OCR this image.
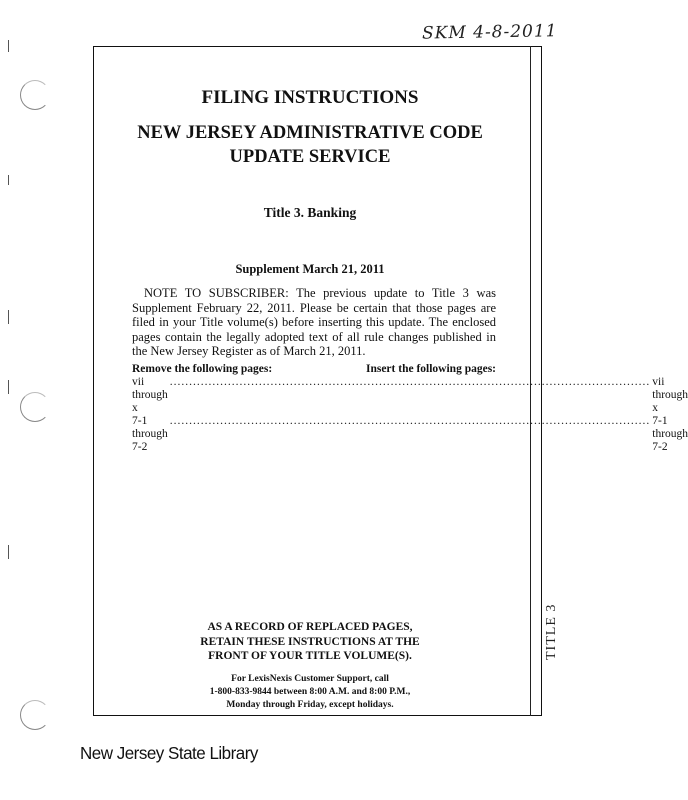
SKM 4-8-2011
TITLE 3
FILING INSTRUCTIONS
NEW JERSEY ADMINISTRATIVE CODE
UPDATE SERVICE
Title 3. Banking
Supplement March 21, 2011
NOTE TO SUBSCRIBER: The previous update to Title 3 was Supplement February 22, 2011. Please be certain that those pages are filed in your Title volume(s) before inserting this update. The enclosed pages contain the legally adopted text of all rule changes published in the New Jersey Register as of March 21, 2011.
Remove the following pages:	Insert the following pages:
vii through x
............................................................................................................................ vii through x
7-1 through 7-2
............................................................................................................................ 7-1 through 7-2
AS A RECORD OF REPLACED PAGES,
RETAIN THESE INSTRUCTIONS AT THE
FRONT OF YOUR TITLE VOLUME(S).
For LexisNexis Customer Support, call
1-800-833-9844 between 8:00 A.M. and 8:00 P.M.,
Monday through Friday, except holidays.
New Jersey State Library
